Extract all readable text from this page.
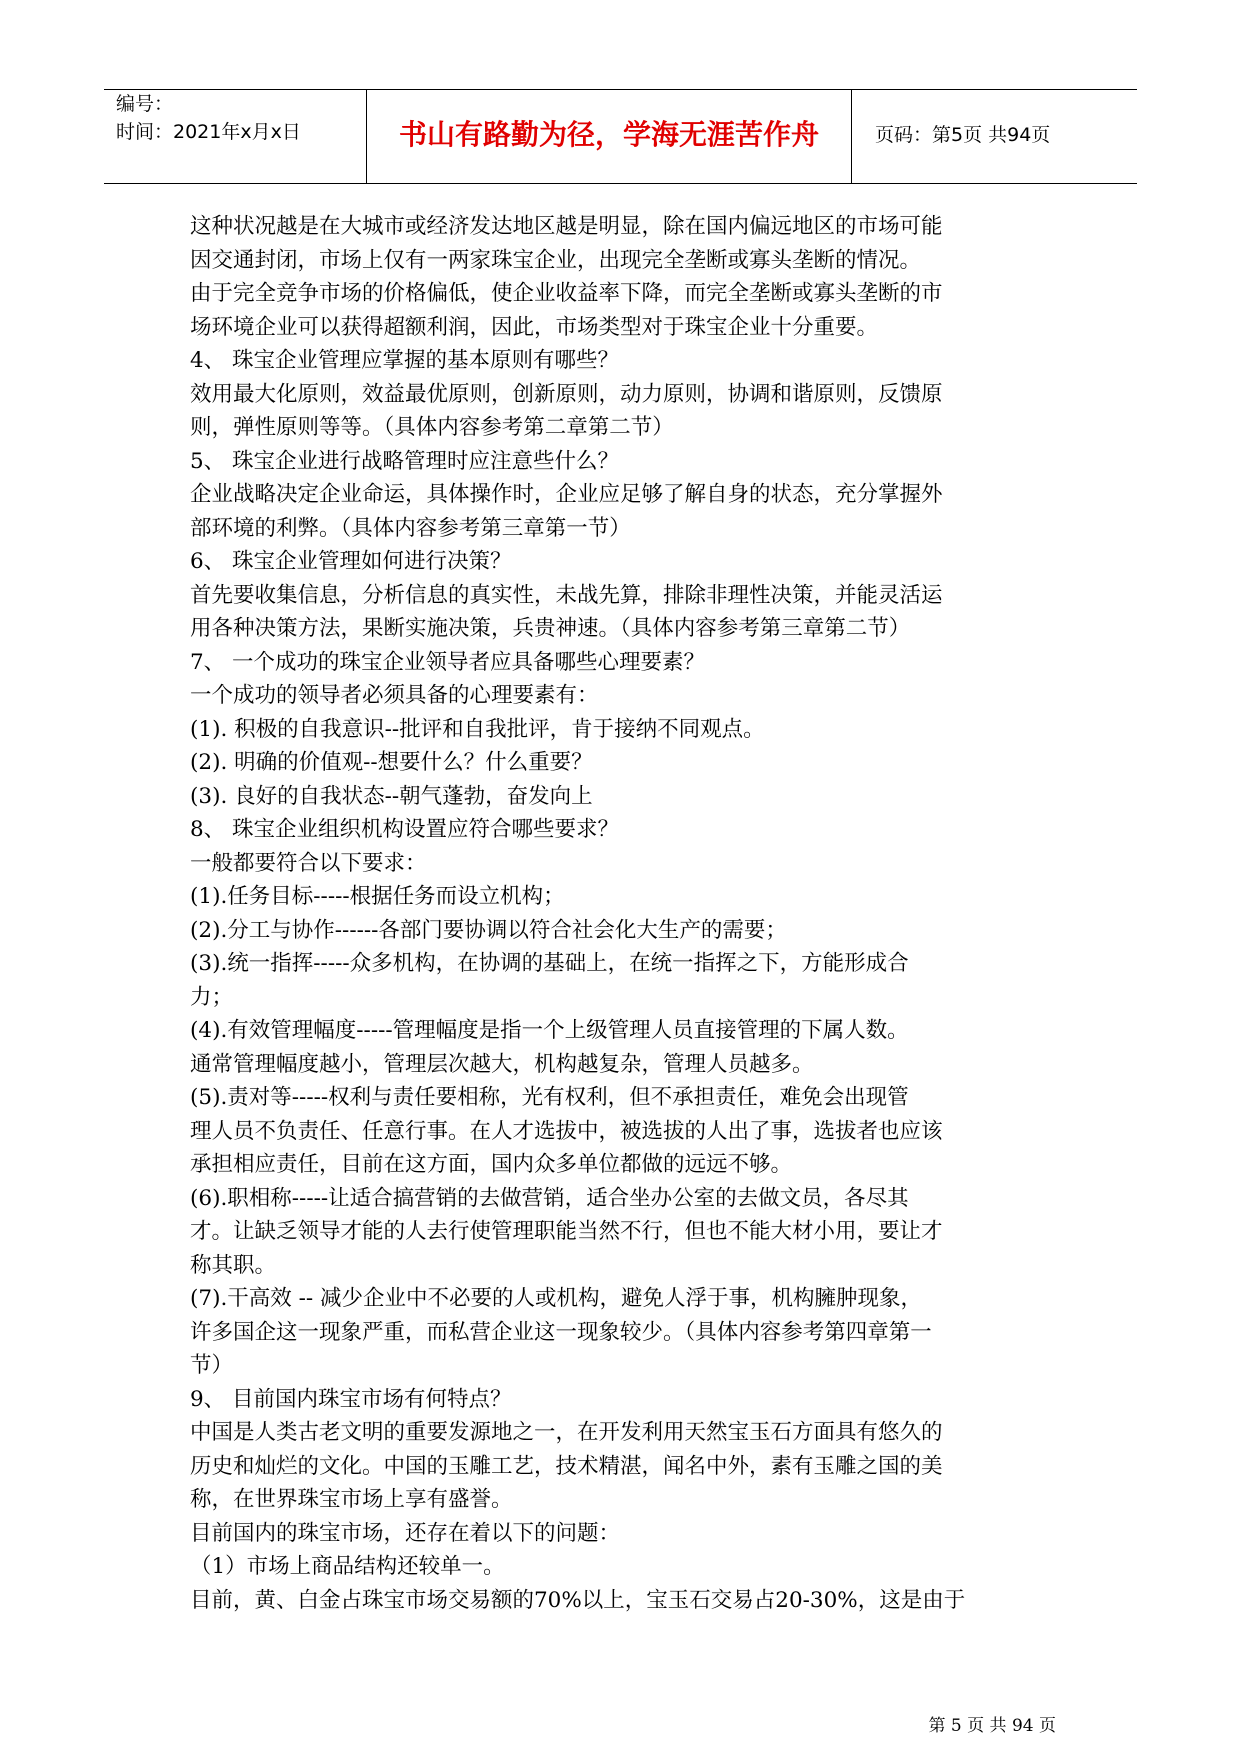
编号：
时间：2021年x月x日	书山有路勤为径，学海无涯苦作舟	页码：第5页 共94页
这种状况越是在大城市或经济发达地区越是明显，除在国内偏远地区的市场可能
因交通封闭，市场上仅有一两家珠宝企业，出现完全垄断或寡头垄断的情况。
由于完全竞争市场的价格偏低，使企业收益率下降，而完全垄断或寡头垄断的市
场环境企业可以获得超额利润，因此，市场类型对于珠宝企业十分重要。
4、 珠宝企业管理应掌握的基本原则有哪些？
效用最大化原则，效益最优原则，创新原则，动力原则，协调和谐原则，反馈原
则，弹性原则等等。（具体内容参考第二章第二节）
5、 珠宝企业进行战略管理时应注意些什么？
企业战略决定企业命运，具体操作时，企业应足够了解自身的状态，充分掌握外
部环境的利弊。（具体内容参考第三章第一节）
6、 珠宝企业管理如何进行决策？
首先要收集信息，分析信息的真实性，未战先算，排除非理性决策，并能灵活运
用各种决策方法，果断实施决策，兵贵神速。（具体内容参考第三章第二节）
7、 一个成功的珠宝企业领导者应具备哪些心理要素？
一个成功的领导者必须具备的心理要素有：
(1). 积极的自我意识--批评和自我批评，肯于接纳不同观点。
(2). 明确的价值观--想要什么？什么重要？
(3). 良好的自我状态--朝气蓬勃，奋发向上
8、 珠宝企业组织机构设置应符合哪些要求？
一般都要符合以下要求：
(1).任务目标-----根据任务而设立机构；
(2).分工与协作------各部门要协调以符合社会化大生产的需要；
(3).统一指挥-----众多机构，在协调的基础上，在统一指挥之下，方能形成合
力；
(4).有效管理幅度-----管理幅度是指一个上级管理人员直接管理的下属人数。
通常管理幅度越小，管理层次越大，机构越复杂，管理人员越多。
(5).责对等-----权利与责任要相称，光有权利，但不承担责任，难免会出现管
理人员不负责任、任意行事。在人才选拔中，被选拔的人出了事，选拔者也应该
承担相应责任，目前在这方面，国内众多单位都做的远远不够。
(6).职相称-----让适合搞营销的去做营销，适合坐办公室的去做文员，各尽其
才。让缺乏领导才能的人去行使管理职能当然不行，但也不能大材小用，要让才
称其职。
(7).干高效 -- 减少企业中不必要的人或机构，避免人浮于事，机构臃肿现象，
许多国企这一现象严重，而私营企业这一现象较少。（具体内容参考第四章第一
节）
9、 目前国内珠宝市场有何特点？
中国是人类古老文明的重要发源地之一，在开发利用天然宝玉石方面具有悠久的
历史和灿烂的文化。中国的玉雕工艺，技术精湛，闻名中外，素有玉雕之国的美
称，在世界珠宝市场上享有盛誉。
目前国内的珠宝市场，还存在着以下的问题：
（1）市场上商品结构还较单一。
目前，黄、白金占珠宝市场交易额的70%以上，宝玉石交易占20-30%，这是由于
第 5 页 共 94 页
